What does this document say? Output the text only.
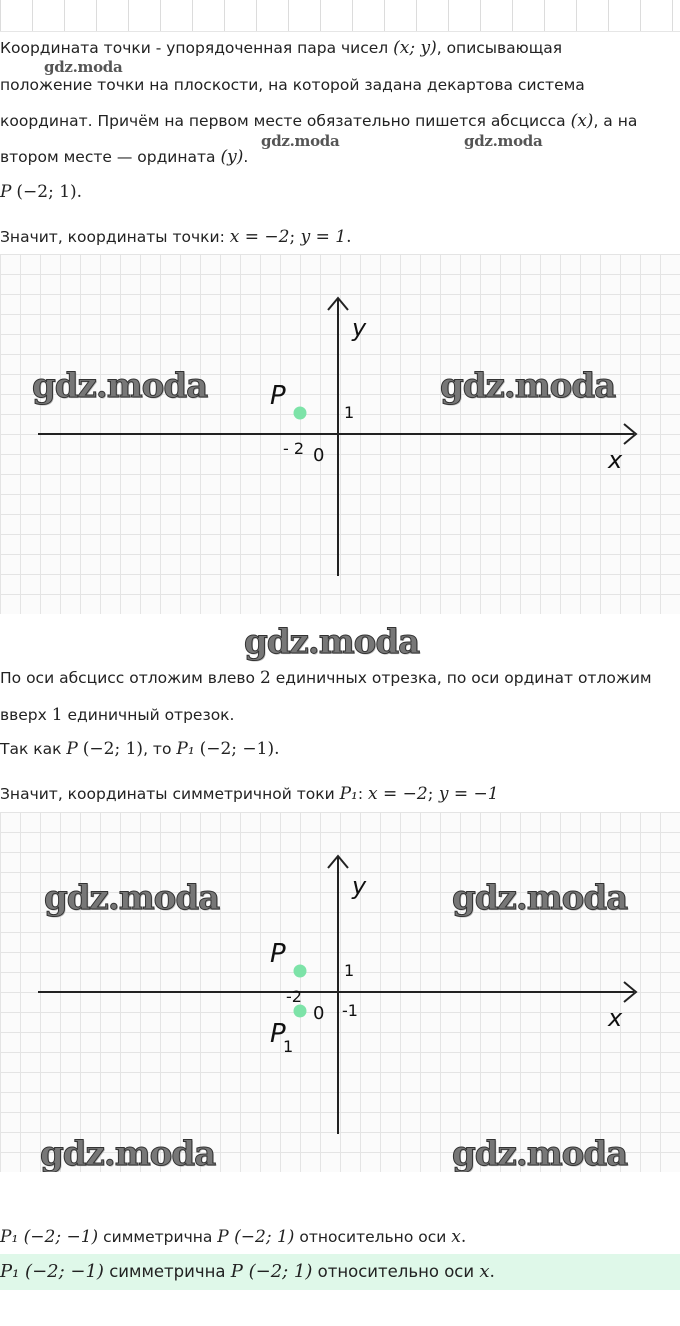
Координата точки - упорядоченная пара чисел (x; y), описывающая

положение точки на плоскости, на которой задана декартова система

координат. Причём на первом месте обязательно пишется абсцисса (x), а на

втором месте — ордината (y).

gdz.moda
gdz.moda	gdz.moda

P (−2; 1).

Значит, координаты точки: x = −2; y = 1.

P
y
x
1
- 2 0
gdz.moda	gdz.moda
gdz.moda

По оси абсцисс отложим влево 2 единичных отрезка, по оси ординат отложим

вверх 1 единичный отрезок.

Так как P (−2; 1), то P₁ (−2; −1).

Значит, координаты симметричной токи P₁: x = −2; y = −1

P
P
1
y
x
1
-1
-2
0
gdz.moda	gdz.moda
gdz.moda	gdz.moda

P₁ (−2; −1) симметрична P (−2; 1) относительно оси x.

P₁ (−2; −1) симметрична P (−2; 1) относительно оси x.
